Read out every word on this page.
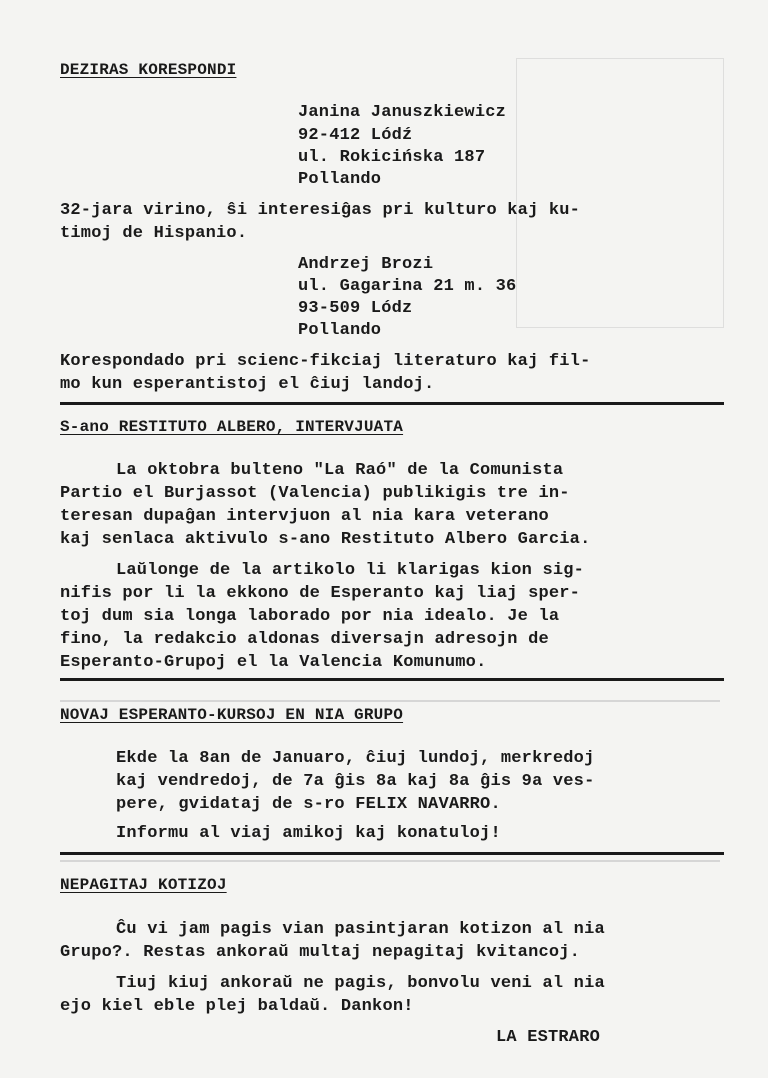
DEZIRAS KORESPONDI
Janina Januszkiewicz
92-412 Lódź
ul. Rokicińska 187
Pollando
32-jara virino, ŝi interesiĝas pri kulturo kaj ku-
timoj de Hispanio.
Andrzej Brozi
ul. Gagarina 21 m. 36
93-509 Lódz
Pollando
Korespondado pri scienc-fikciaj literaturo kaj fil-
mo kun esperantistoj el ĉiuj landoj.
S-ano RESTITUTO ALBERO, INTERVJUATA
La oktobra bulteno "La Raó" de la Comunista
Partio el Burjassot (Valencia) publikigis tre in-
teresan dupaĝan intervjuon al nia kara veterano
kaj senlaca aktivulo s-ano Restituto Albero Garcia.
Laŭlonge de la artikolo li klarigas kion sig-
nifis por li la ekkono de Esperanto kaj liaj sper-
toj dum sia longa laborado por nia idealo. Je la
fino, la redakcio aldonas diversajn adresojn de
Esperanto-Grupoj el la Valencia Komunumo.
NOVAJ ESPERANTO-KURSOJ EN NIA GRUPO
Ekde la 8an de Januaro, ĉiuj lundoj, merkredoj
kaj vendredoj, de 7a ĝis 8a kaj 8a ĝis 9a ves-
pere, gvidataj de s-ro FELIX NAVARRO.
Informu al viaj amikoj kaj konatuloj!
NEPAGITAJ KOTIZOJ
Ĉu vi jam pagis vian pasintjaran kotizon al nia
Grupo?. Restas ankoraŭ multaj nepagitaj kvitancoj.
Tiuj kiuj ankoraŭ ne pagis, bonvolu veni al nia
ejo kiel eble plej baldaŭ. Dankon!
LA ESTRARO
